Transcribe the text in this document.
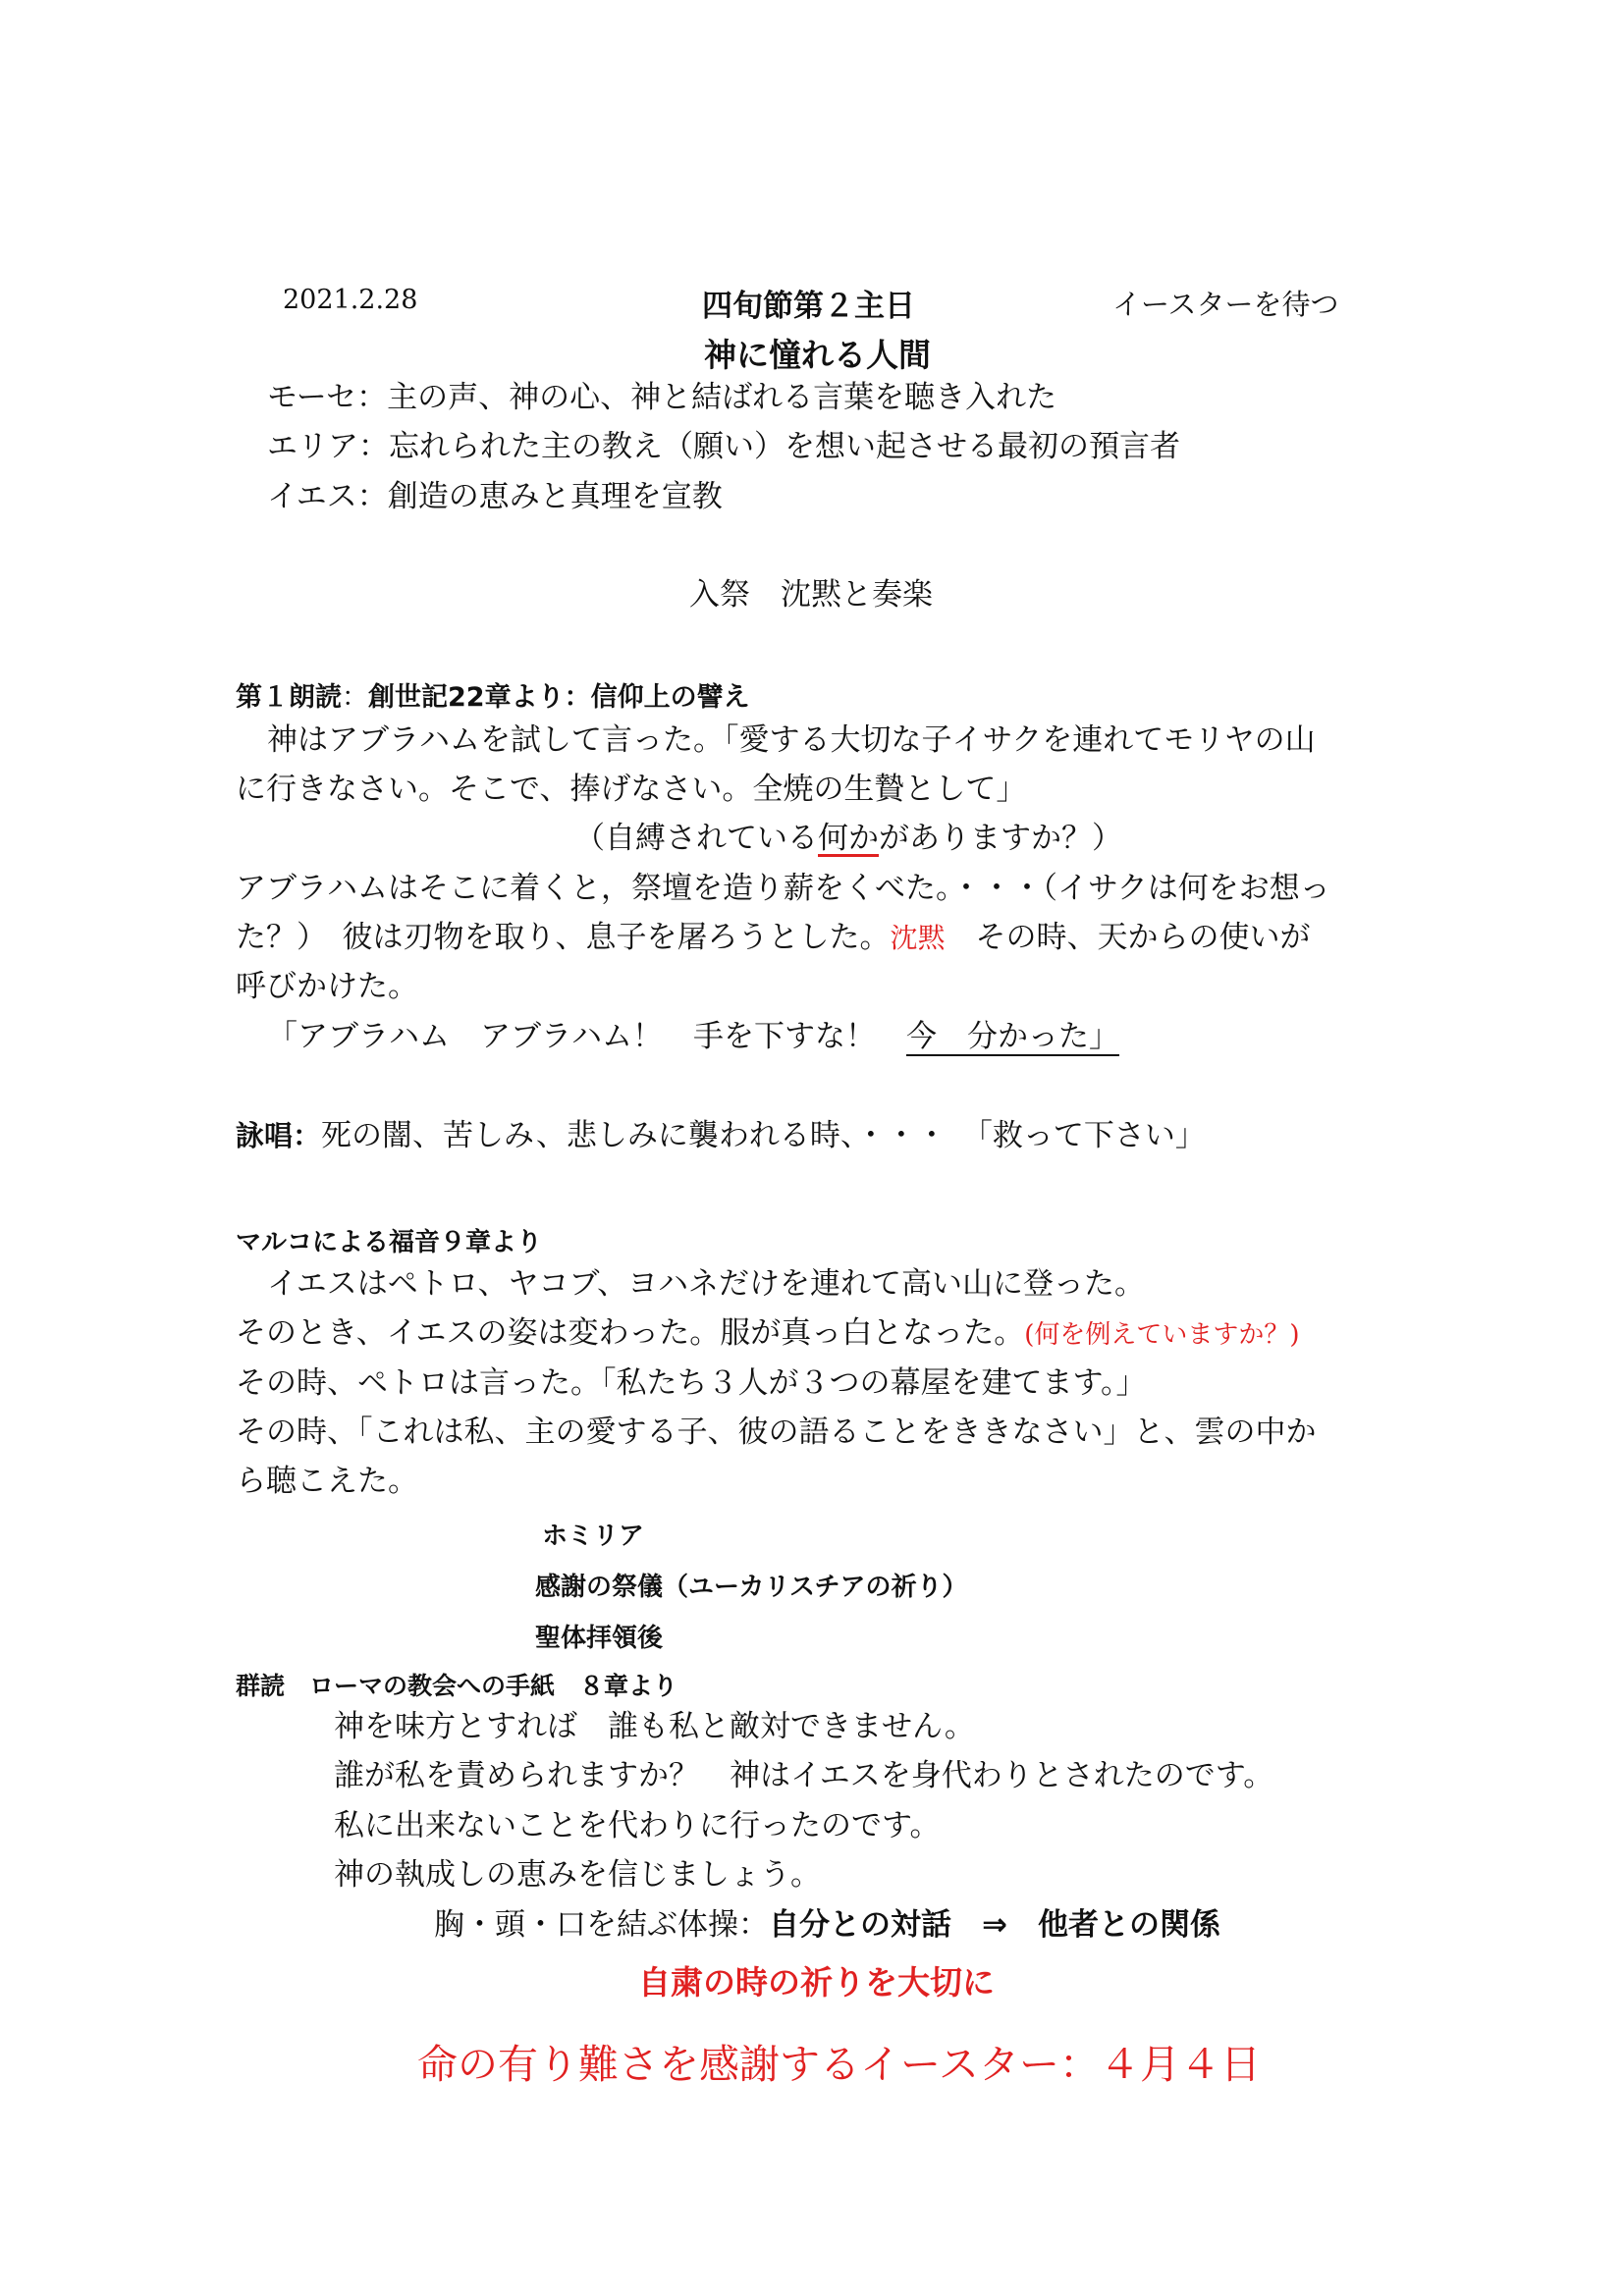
2021.2.28	四旬節第２主日	イースターを待つ
神に憧れる人間
モーセ：主の声、神の心、神と結ばれる言葉を聴き入れた
エリア：忘れられた主の教え（願い）を想い起させる最初の預言者
イエス：創造の恵みと真理を宣教
入祭　沈黙と奏楽
第１朗読：創世記22章より：信仰上の譬え
神はアブラハムを試して言った。「愛する大切な子イサクを連れてモリヤの山
に行きなさい。そこで、捧げなさい。全焼の生贄として」
（自縛されている何かがありますか？）
アブラハムはそこに着くと，祭壇を造り薪をくべた。・・・（イサクは何をお想っ
た？）　彼は刃物を取り、息子を屠ろうとした。沈黙　その時、天からの使いが
呼びかけた。
「アブラハム　アブラハム！　手を下すな！　今　分かった」
詠唱：死の闇、苦しみ、悲しみに襲われる時、・・・　「救って下さい」
マルコによる福音９章より
イエスはペトロ、ヤコブ、ヨハネだけを連れて高い山に登った。
そのとき、イエスの姿は変わった。服が真っ白となった。(何を例えていますか？)
その時、ペトロは言った。「私たち３人が３つの幕屋を建てます。」
その時、「これは私、主の愛する子、彼の語ることをききなさい」と、雲の中か
ら聴こえた。
ホミリア
感謝の祭儀（ユーカリスチアの祈り）
聖体拝領後
群読　ローマの教会への手紙　８章より
神を味方とすれば　誰も私と敵対できません。
誰が私を責められますか？　神はイエスを身代わりとされたのです。
私に出来ないことを代わりに行ったのです。
神の執成しの恵みを信じましょう。
胸・頭・口を結ぶ体操：自分との対話　⇒　他者との関係
自粛の時の祈りを大切に
命の有り難さを感謝するイースター：４月４日
